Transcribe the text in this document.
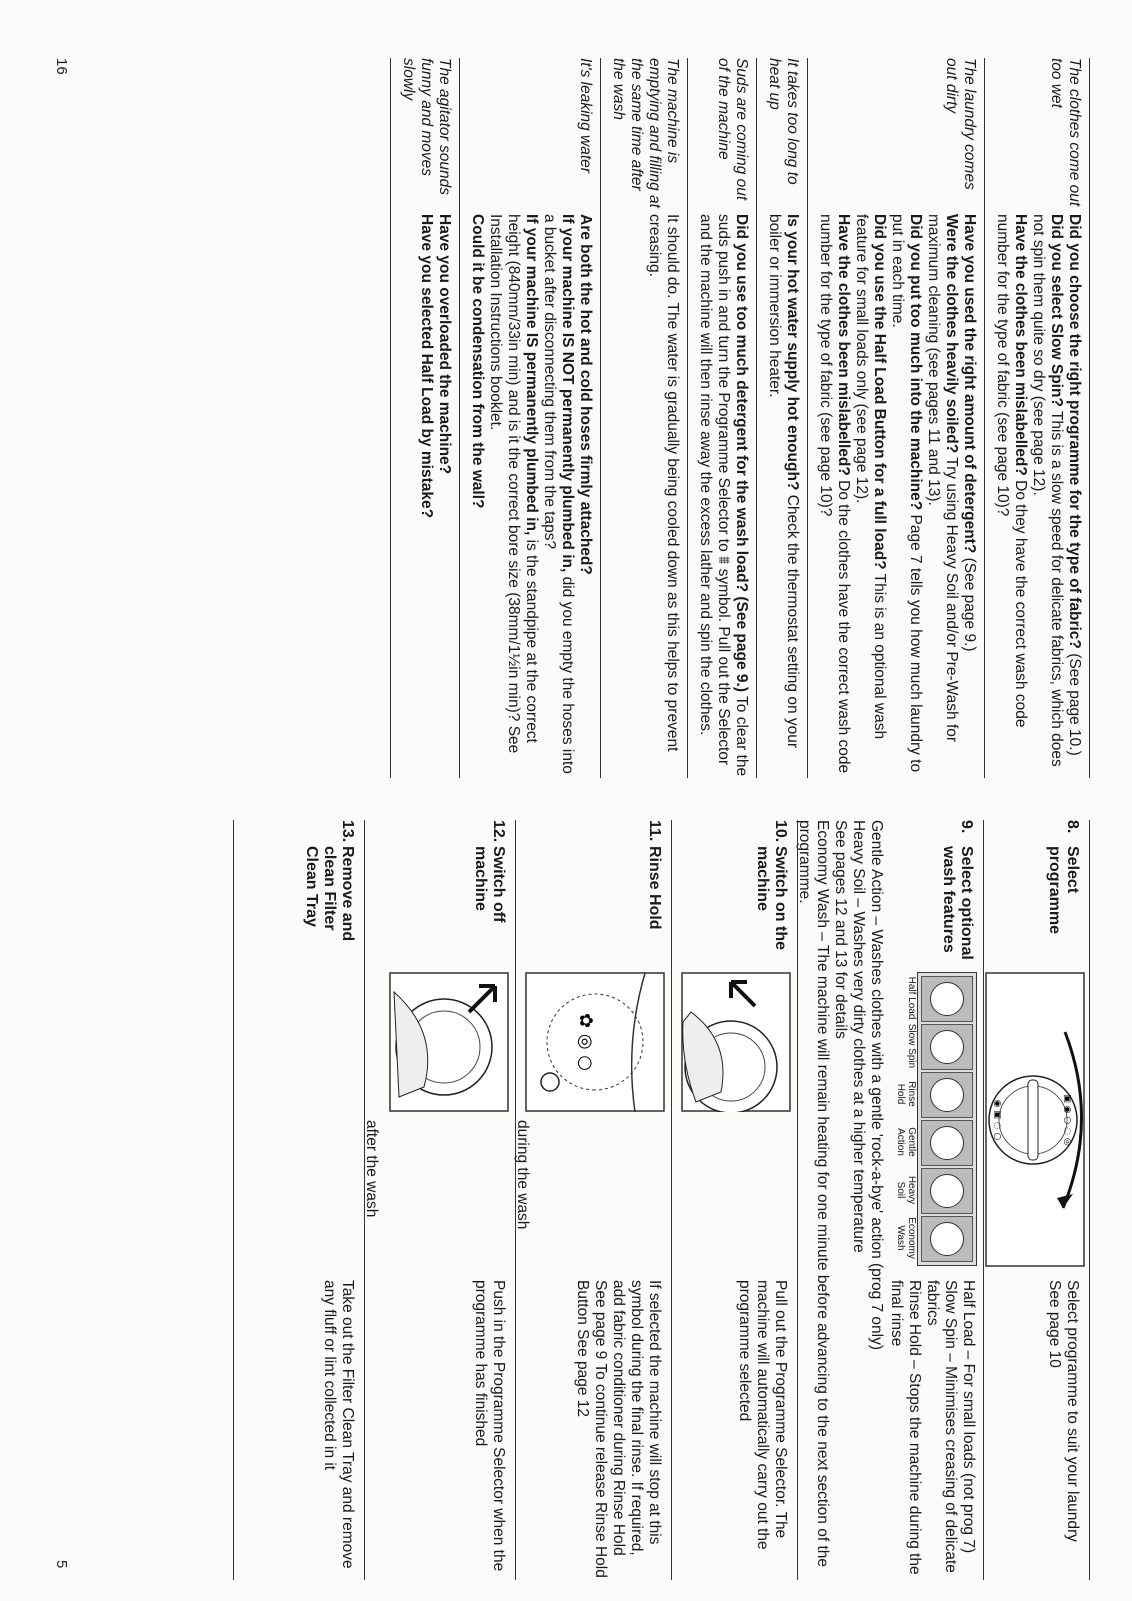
The clothes come out too wet

Did you choose the right programme for the type of fabric? (See page 10.)

Did you select Slow Spin? This is a slow speed for delicate fabrics, which does not spin them quite so dry (see page 12).

Have the clothes been mislabelled? Do they have the correct wash code number for the type of fabric (see page 10)?

The laundry comes out dirty

Have you used the right amount of detergent? (See page 9.)

Were the clothes heavily soiled? Try using Heavy Soil and/or Pre-Wash for maximum cleaning (see pages 11 and 13).

Did you put too much into the machine? Page 7 tells you how much laundry to put in each time.

Did you use the Half Load Button for a full load? This is an optional wash feature for small loads only (see page 12).

Have the clothes been mislabelled? Do the clothes have the correct wash code number for the type of fabric (see page 10)?

It takes too long to heat up

Is your hot water supply hot enough? Check the thermostat setting on your boiler or immersion heater.

Suds are coming out of the machine

Did you use too much detergent for the wash load? (See page 9.) To clear the suds push in and turn the Programme Selector to ⩩ symbol. Pull out the Selector and the machine will then rinse away the excess lather and spin the clothes.

The machine is emptying and filling at the same time after the wash

It should do. The water is gradually being cooled down as this helps to prevent creasing.

It's leaking water

Are both the hot and cold hoses firmly attached?

If your machine IS NOT permanently plumbed in, did you empty the hoses into a bucket after disconnecting them from the taps?

If your machine IS permanently plumbed in, is the standpipe at the correct height (840mm/33in min) and is it the correct bore size (38mm/1½in min)? See Installation Instructions booklet.

Could it be condensation from the wall?

The agitator sounds funny and moves slowly

Have you overloaded the machine?

Have you selected Half Load by mistake?

16
8.Select programme
▣ ◉ ○ ◌ ◎
◉ ▣ ◌ ○
Select programme to suit your laundry See page 10
9.Select optional wash features
Half Load
Slow Spin
Rinse Hold
Gentle Action
Heavy Soil
Economy Wash
Half Load – For small loads (not prog 7)
Slow Spin – Minimises creasing of delicate fabrics
Rinse Hold – Stops the machine during the final rinse
Gentle Action – Washes clothes with a gentle 'rock-a-bye' action (prog 7 only)
Heavy Soil – Washes very dirty clothes at a higher temperature
See pages 12 and 13 for details
Economy Wash – The machine will remain heating for one minute before advancing to the next section of the programme.
10.Switch on the machine
Pull out the Programme Selector. The machine will automatically carry out the programme selected
11.Rinse Hold
✿ ◎ ○
during the wash
If selected the machine will stop at this symbol during the final rinse. If required, add fabric conditioner during Rinse Hold See page 9 To continue release Rinse Hold Button See page 12
12.Switch off machine
after the wash
Push in the Programme Selector when the programme has finished
13.Remove and clean Filter Clean Tray
Take out the Filter Clean Tray and remove any fluff or lint collected in it
5
